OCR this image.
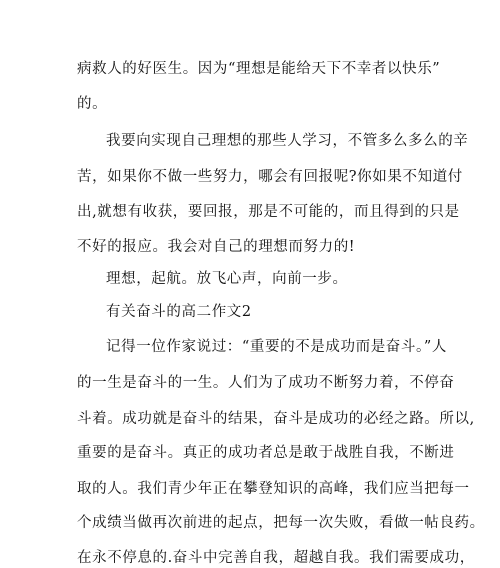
病救人的好医生。因为“理想是能给天下不幸者以快乐”
的。
我要向实现自己理想的那些人学习，不管多么多么的辛
苦，如果你不做一些努力，哪会有回报呢?你如果不知道付
出,就想有收获，要回报，那是不可能的，而且得到的只是
不好的报应。我会对自己的理想而努力的!
理想，起航。放飞心声，向前一步。
有关奋斗的高二作文2
记得一位作家说过：“重要的不是成功而是奋斗。”人
的一生是奋斗的一生。人们为了成功不断努力着，不停奋
斗着。成功就是奋斗的结果，奋斗是成功的必经之路。所以,
重要的是奋斗。真正的成功者总是敢于战胜自我，不断进
取的人。我们青少年正在攀登知识的高峰，我们应当把每一
个成绩当做再次前进的起点，把每一次失败，看做一帖良药。
在永不停息的.奋斗中完善自我，超越自我。我们需要成功，
